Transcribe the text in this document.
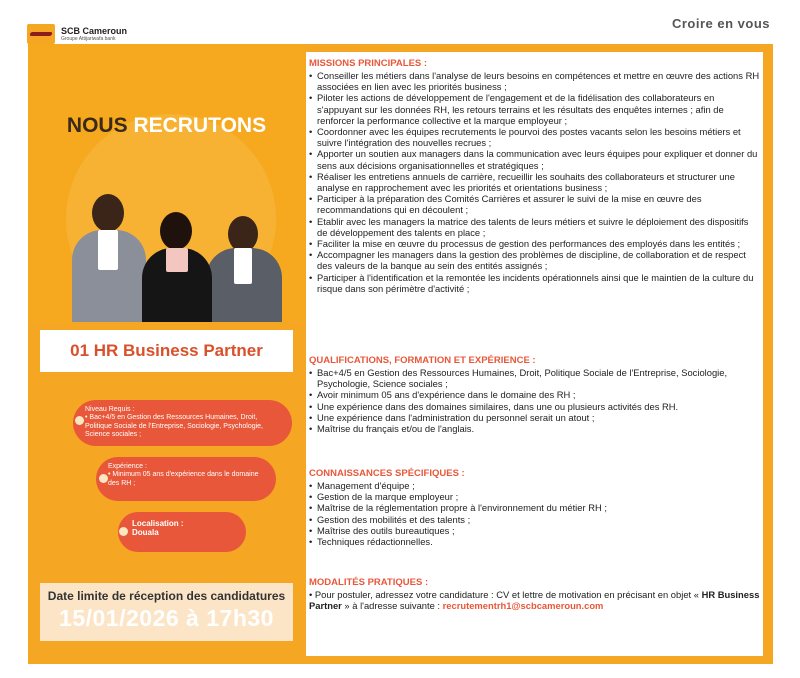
SCB Cameroun
Groupe Attijariwafa bank
Croire en vous
NOUS RECRUTONS
01 HR Business Partner
Niveau Requis :
• Bac+4/5 en Gestion des Ressources Humaines, Droit, Politique Sociale de l'Entreprise, Sociologie, Psychologie, Science sociales ;
Expérience :
• Minimum 05 ans d'expérience dans le domaine des RH ;
Localisation :
Douala
Date limite de réception des candidatures
15/01/2026 à 17h30
MISSIONS PRINCIPALES :
• Conseiller les métiers dans l'analyse de leurs besoins en compétences et mettre en œuvre des actions RH associées en lien avec les priorités business ;
• Piloter les actions de développement de l'engagement et de la fidélisation des collaborateurs en s'appuyant sur les données RH, les retours terrains et les résultats des enquêtes internes ; afin de renforcer la performance collective et la marque employeur ;
• Coordonner avec les équipes recrutements le pourvoi des postes vacants selon les besoins métiers et suivre l'intégration des nouvelles recrues ;
• Apporter un soutien aux managers dans la communication avec leurs équipes pour expliquer et donner du sens aux décisions organisationnelles et stratégiques ;
• Réaliser les entretiens annuels de carrière, recueillir les souhaits des collaborateurs et structurer une analyse en rapprochement avec les priorités et orientations business ;
• Participer à la préparation des Comités Carrières et assurer le suivi de la mise en œuvre des recommandations qui en découlent ;
• Etablir avec les managers la matrice des talents de leurs métiers et suivre le déploiement des dispositifs de développement des talents en place ;
• Faciliter la mise en œuvre du processus de gestion des performances des employés dans les entités ;
• Accompagner les managers dans la gestion des problèmes de discipline, de collaboration et de respect des valeurs de la banque au sein des entités assignés ;
• Participer à l'identification et la remontée les incidents opérationnels ainsi que le maintien de la culture du risque dans son périmètre d'activité ;
QUALIFICATIONS, FORMATION ET EXPÉRIENCE :
• Bac+4/5 en Gestion des Ressources Humaines, Droit, Politique Sociale de l'Entreprise, Sociologie, Psychologie, Science sociales ;
• Avoir minimum 05 ans d'expérience dans le domaine des RH ;
• Une expérience dans des domaines similaires, dans une ou plusieurs activités des RH.
• Une expérience dans l'administration du personnel serait un atout ;
• Maîtrise du français et/ou de l'anglais.
CONNAISSANCES SPÉCIFIQUES :
• Management d'équipe ;
• Gestion de la marque employeur ;
• Maîtrise de la réglementation propre à l'environnement du métier RH ;
• Gestion des mobilités et des talents ;
• Maîtrise des outils bureautiques ;
• Techniques rédactionnelles.
MODALITÉS PRATIQUES :

• Pour postuler, adressez votre candidature : CV et lettre de motivation en précisant en objet « HR Business Partner » à l'adresse suivante : recrutementrh1@scbcameroun.com
